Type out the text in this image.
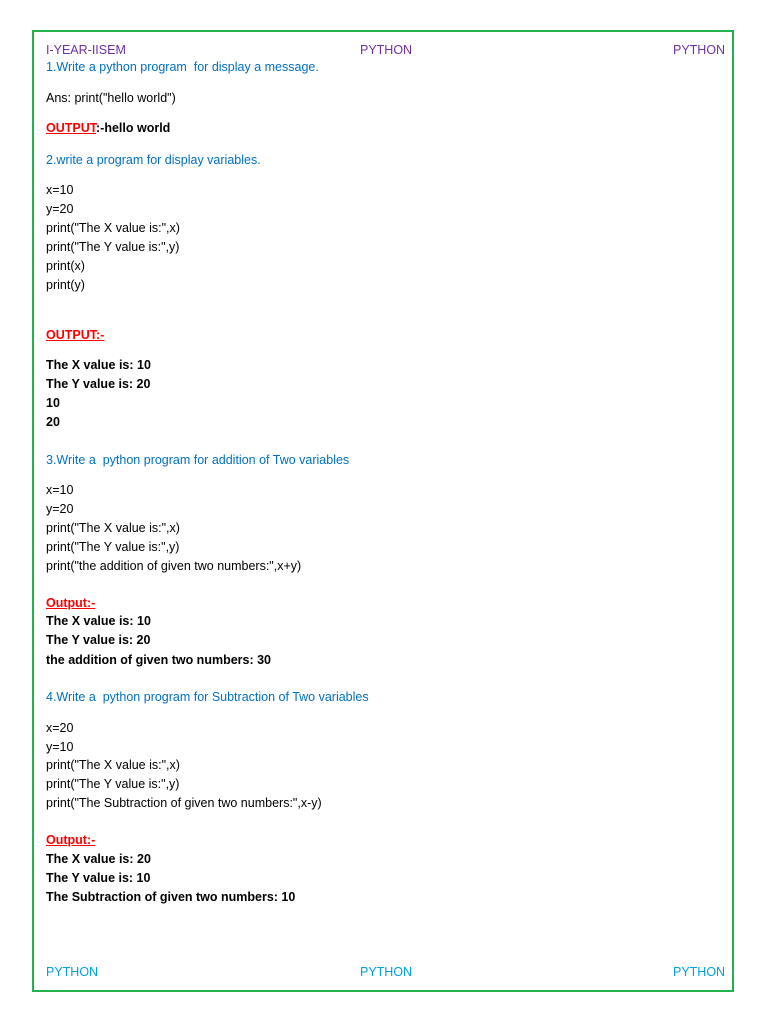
I-YEAR-IISEM	PYTHON	PYTHON
1.Write a python program  for display a message.
Ans: print("hello world")
OUTPUT:-hello world
2.write a program for display variables.
x=10
y=20
print("The X value is:",x)
print("The Y value is:",y)
print(x)
print(y)
OUTPUT:-
The X value is: 10
The Y value is: 20
10
20
3.Write a  python program for addition of Two variables
x=10
y=20
print("The X value is:",x)
print("The Y value is:",y)
print("the addition of given two numbers:",x+y)
Output:-
The X value is: 10
The Y value is: 20
the addition of given two numbers: 30
4.Write a  python program for Subtraction of Two variables
x=20
y=10
print("The X value is:",x)
print("The Y value is:",y)
print("The Subtraction of given two numbers:",x-y)
Output:-
The X value is: 20
The Y value is: 10
The Subtraction of given two numbers: 10
PYTHON	PYTHON	PYTHON
